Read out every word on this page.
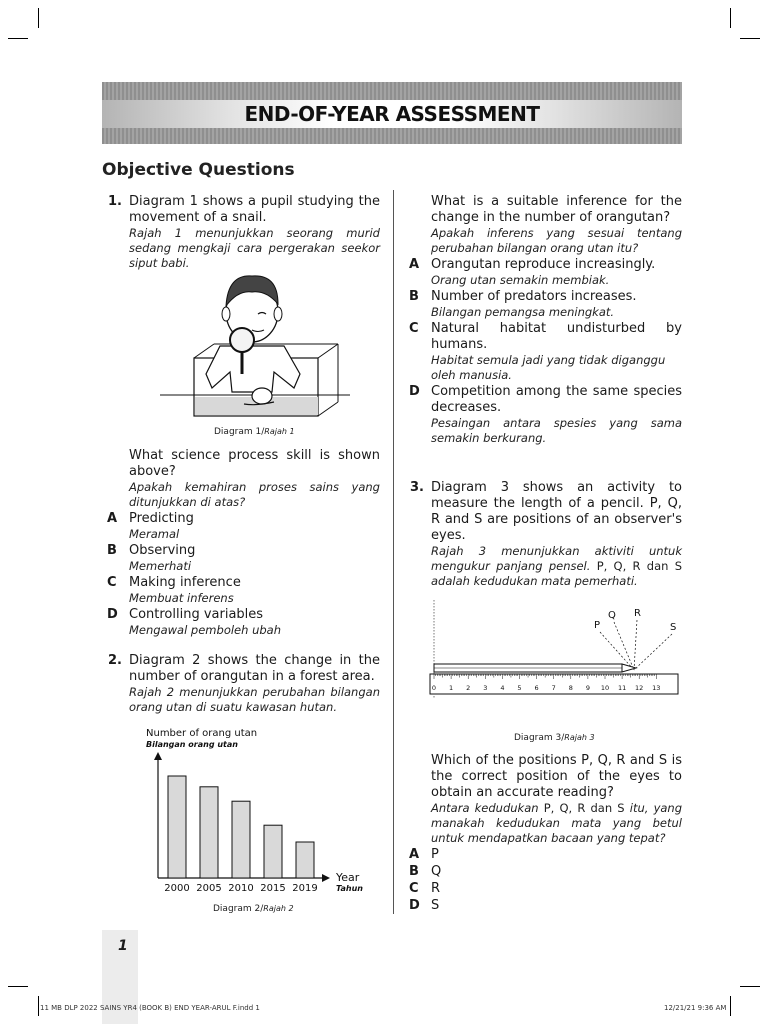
END-OF-YEAR ASSESSMENT
Objective Questions
1. Diagram 1 shows a pupil studying the movement of a snail.
Rajah 1 menunjukkan seorang murid sedang mengkaji cara pergerakan seekor siput babi.
Diagram 1/Rajah 1
What science process skill is shown above?
Apakah kemahiran proses sains yang ditunjukkan di atas?
A Predicting
Meramal
B Observing
Memerhati
C Making inference
Membuat inferens
D Controlling variables
Mengawal pemboleh ubah
2. Diagram 2 shows the change in the number of orangutan in a forest area.
Rajah 2 menunjukkan perubahan bilangan orang utan di suatu kawasan hutan.
Number of orang utan
Bilangan orang utan
Year
Tahun
2000 2005 2010 2015 2019
Diagram 2/Rajah 2
What is a suitable inference for the change in the number of orangutan?
Apakah inferens yang sesuai tentang perubahan bilangan orang utan itu?
A Orangutan reproduce increasingly.
Orang utan semakin membiak.
B Number of predators increases.
Bilangan pemangsa meningkat.
C Natural habitat undisturbed by humans.
Habitat semula jadi yang tidak diganggu oleh manusia.
D Competition among the same species decreases.
Pesaingan antara spesies yang sama semakin berkurang.
3. Diagram 3 shows an activity to measure the length of a pencil. P, Q, R and S are positions of an observer's eyes.
Rajah 3 menunjukkan aktiviti untuk mengukur panjang pensel. P, Q, R dan S adalah kedudukan mata pemerhati.
P
Q R
S
0 1 2 3 4 5 6 7 8 9 10 11 12 13
Diagram 3/Rajah 3
Which of the positions P, Q, R and S is the correct position of the eyes to obtain an accurate reading?
Antara kedudukan P, Q, R dan S itu, yang manakah kedudukan mata yang betul untuk mendapatkan bacaan yang tepat?
A P
B Q
C R
D S
1
11 MB DLP 2022 SAINS YR4 (BOOK B) END YEAR-ARUL F.indd 1	12/21/21 9:36 AM
